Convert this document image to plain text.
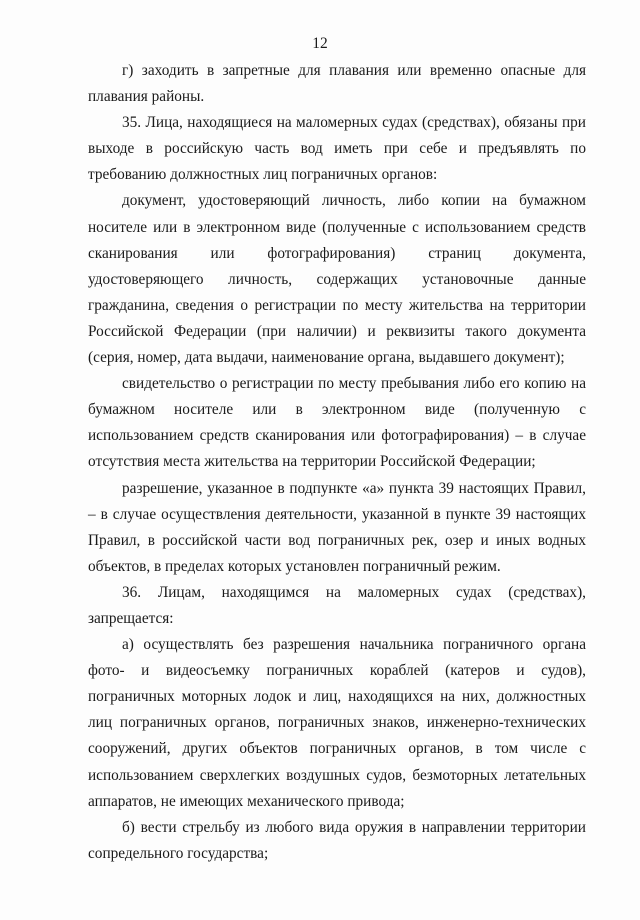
12

г) заходить в запретные для плавания или временно опасные для плавания районы.

35. Лица, находящиеся на маломерных судах (средствах), обязаны при выходе в российскую часть вод иметь при себе и предъявлять по требованию должностных лиц пограничных органов:

документ, удостоверяющий личность, либо копии на бумажном носителе или в электронном виде (полученные с использованием средств сканирования или фотографирования) страниц документа, удостоверяющего личность, содержащих установочные данные гражданина, сведения о регистрации по месту жительства на территории Российской Федерации (при наличии) и реквизиты такого документа (серия, номер, дата выдачи, наименование органа, выдавшего документ);

свидетельство о регистрации по месту пребывания либо его копию на бумажном носителе или в электронном виде (полученную с использованием средств сканирования или фотографирования) – в случае отсутствия места жительства на территории Российской Федерации;

разрешение, указанное в подпункте «а» пункта 39 настоящих Правил, – в случае осуществления деятельности, указанной в пункте 39 настоящих Правил, в российской части вод пограничных рек, озер и иных водных объектов, в пределах которых установлен пограничный режим.

36. Лицам, находящимся на маломерных судах (средствах), запрещается:

а) осуществлять без разрешения начальника пограничного органа фото- и видеосъемку пограничных кораблей (катеров и судов), пограничных моторных лодок и лиц, находящихся на них, должностных лиц пограничных органов, пограничных знаков, инженерно-технических сооружений, других объектов пограничных органов, в том числе с использованием сверхлегких воздушных судов, безмоторных летательных аппаратов, не имеющих механического привода;

б) вести стрельбу из любого вида оружия в направлении территории сопредельного государства;
